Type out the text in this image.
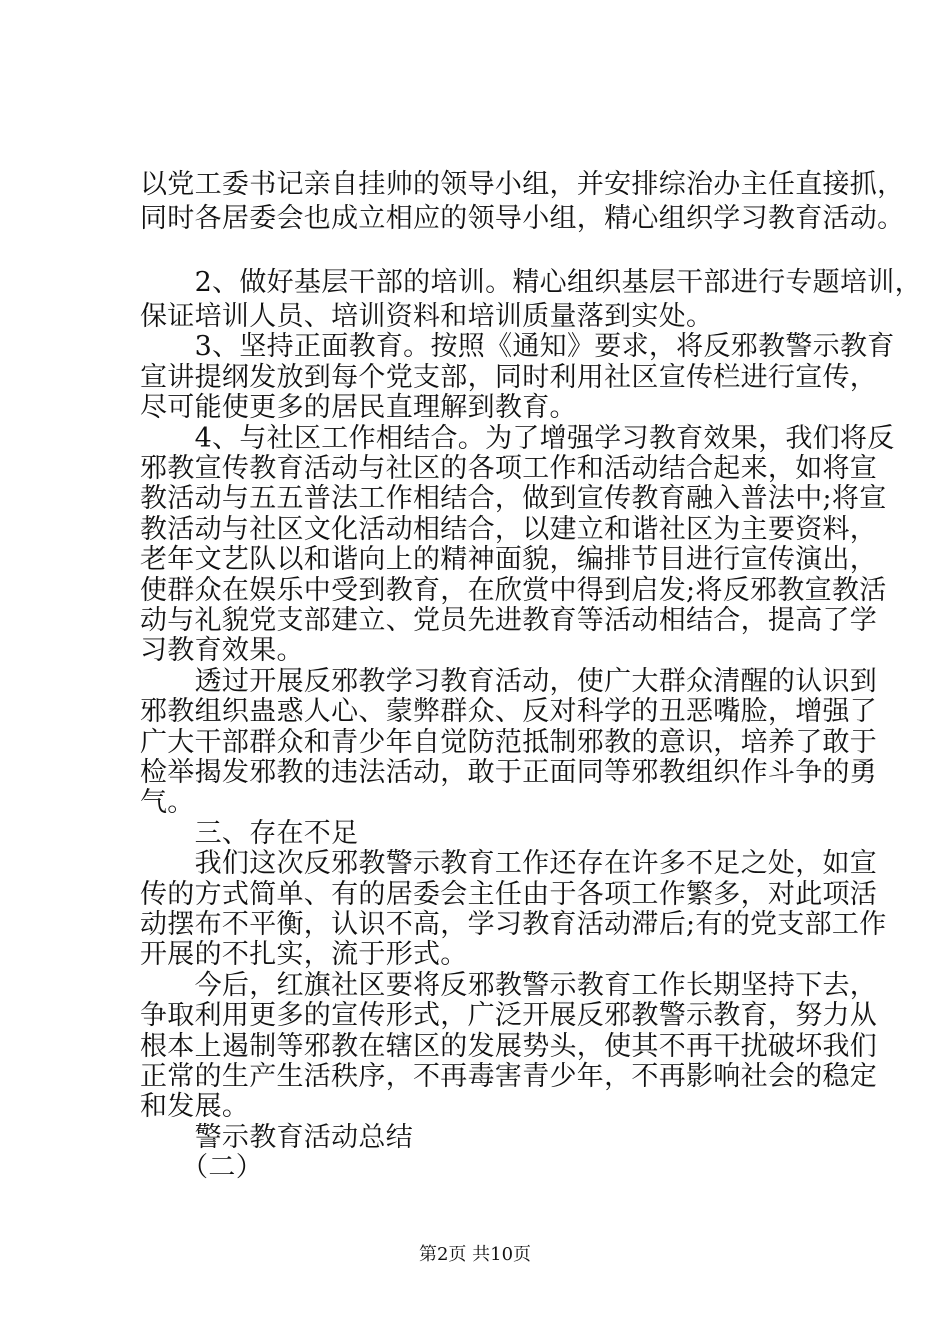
以党工委书记亲自挂帅的领导小组，并安排综治办主任直接抓，
同时各居委会也成立相应的领导小组，精心组织学习教育活动。
　　2、做好基层干部的培训。精心组织基层干部进行专题培训，
保证培训人员、培训资料和培训质量落到实处。
　　3、坚持正面教育。按照《通知》要求，将反邪教警示教育
宣讲提纲发放到每个党支部，同时利用社区宣传栏进行宣传，
尽可能使更多的居民直理解到教育。
　　4、与社区工作相结合。为了增强学习教育效果，我们将反
邪教宣传教育活动与社区的各项工作和活动结合起来，如将宣
教活动与五五普法工作相结合，做到宣传教育融入普法中;将宣
教活动与社区文化活动相结合，以建立和谐社区为主要资料，
老年文艺队以和谐向上的精神面貌，编排节目进行宣传演出，
使群众在娱乐中受到教育，在欣赏中得到启发;将反邪教宣教活
动与礼貌党支部建立、党员先进教育等活动相结合，提高了学
习教育效果。
　　透过开展反邪教学习教育活动，使广大群众清醒的认识到
邪教组织蛊惑人心、蒙弊群众、反对科学的丑恶嘴脸，增强了
广大干部群众和青少年自觉防范抵制邪教的意识，培养了敢于
检举揭发邪教的违法活动，敢于正面同等邪教组织作斗争的勇
气。
　　三、存在不足
　　我们这次反邪教警示教育工作还存在许多不足之处，如宣
传的方式简单、有的居委会主任由于各项工作繁多，对此项活
动摆布不平衡，认识不高，学习教育活动滞后;有的党支部工作
开展的不扎实，流于形式。
　　今后，红旗社区要将反邪教警示教育工作长期坚持下去，
争取利用更多的宣传形式，广泛开展反邪教警示教育，努力从
根本上遏制等邪教在辖区的发展势头，使其不再干扰破坏我们
正常的生产生活秩序，不再毒害青少年，不再影响社会的稳定
和发展。
　　警示教育活动总结
　　（二）
第2页 共10页
